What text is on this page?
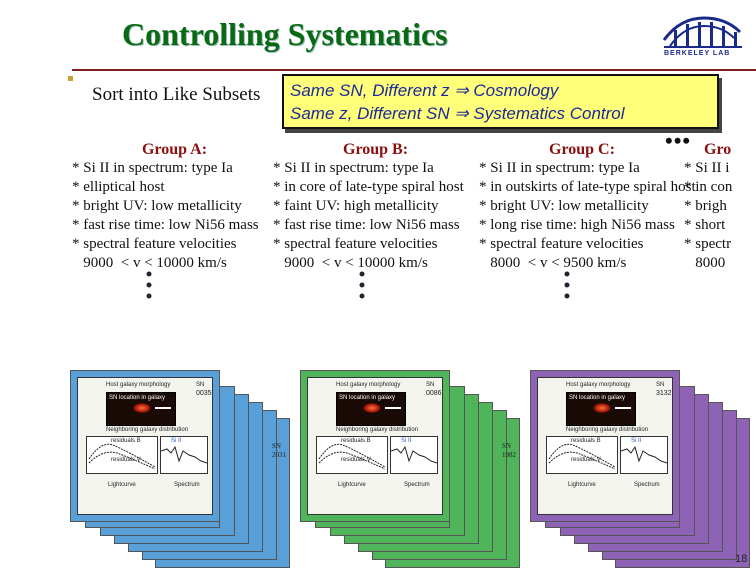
Controlling Systematics
BERKELEY LAB
Sort into Like Subsets Same SN, Different z ⇒ Cosmology
Same z, Different SN ⇒ Systematics Control
•••
Group A:
* Si II in spectrum: type Ia
* elliptical host
* bright UV: low metallicity
* fast rise time: low Ni56 mass
* spectral feature velocities
9000  < v < 10000 km/s
Group B:
* Si II in spectrum: type Ia
* in core of late-type spiral host
* faint UV: high metallicity
* fast rise time: low Ni56 mass
* spectral feature velocities
9000  < v < 10000 km/s
Group C:
* Si II in spectrum: type Ia
* in outskirts of late-type spiral host
* bright UV: low metallicity
* long rise time: high Ni56 mass
* spectral feature velocities
8000  < v < 9500 km/s
Gro
* Si II i
* in con
* brigh
* short
* spectr
8000
Host galaxy morphology	SN
0035
SN location in galaxy
Neighboring galaxy distribution
residuals B
residuals V
Si II
Lightcurve	Spectrum
SN
2031
Host galaxy morphology	SN
0086
SN location in galaxy
Neighboring galaxy distribution
residuals B
residuals V
Si II
Lightcurve	Spectrum
SN
1982
Host galaxy morphology	SN
3132
SN location in galaxy
Neighboring galaxy distribution
residuals B
residuals V
Si II
Lightcurve	Spectrum
18
